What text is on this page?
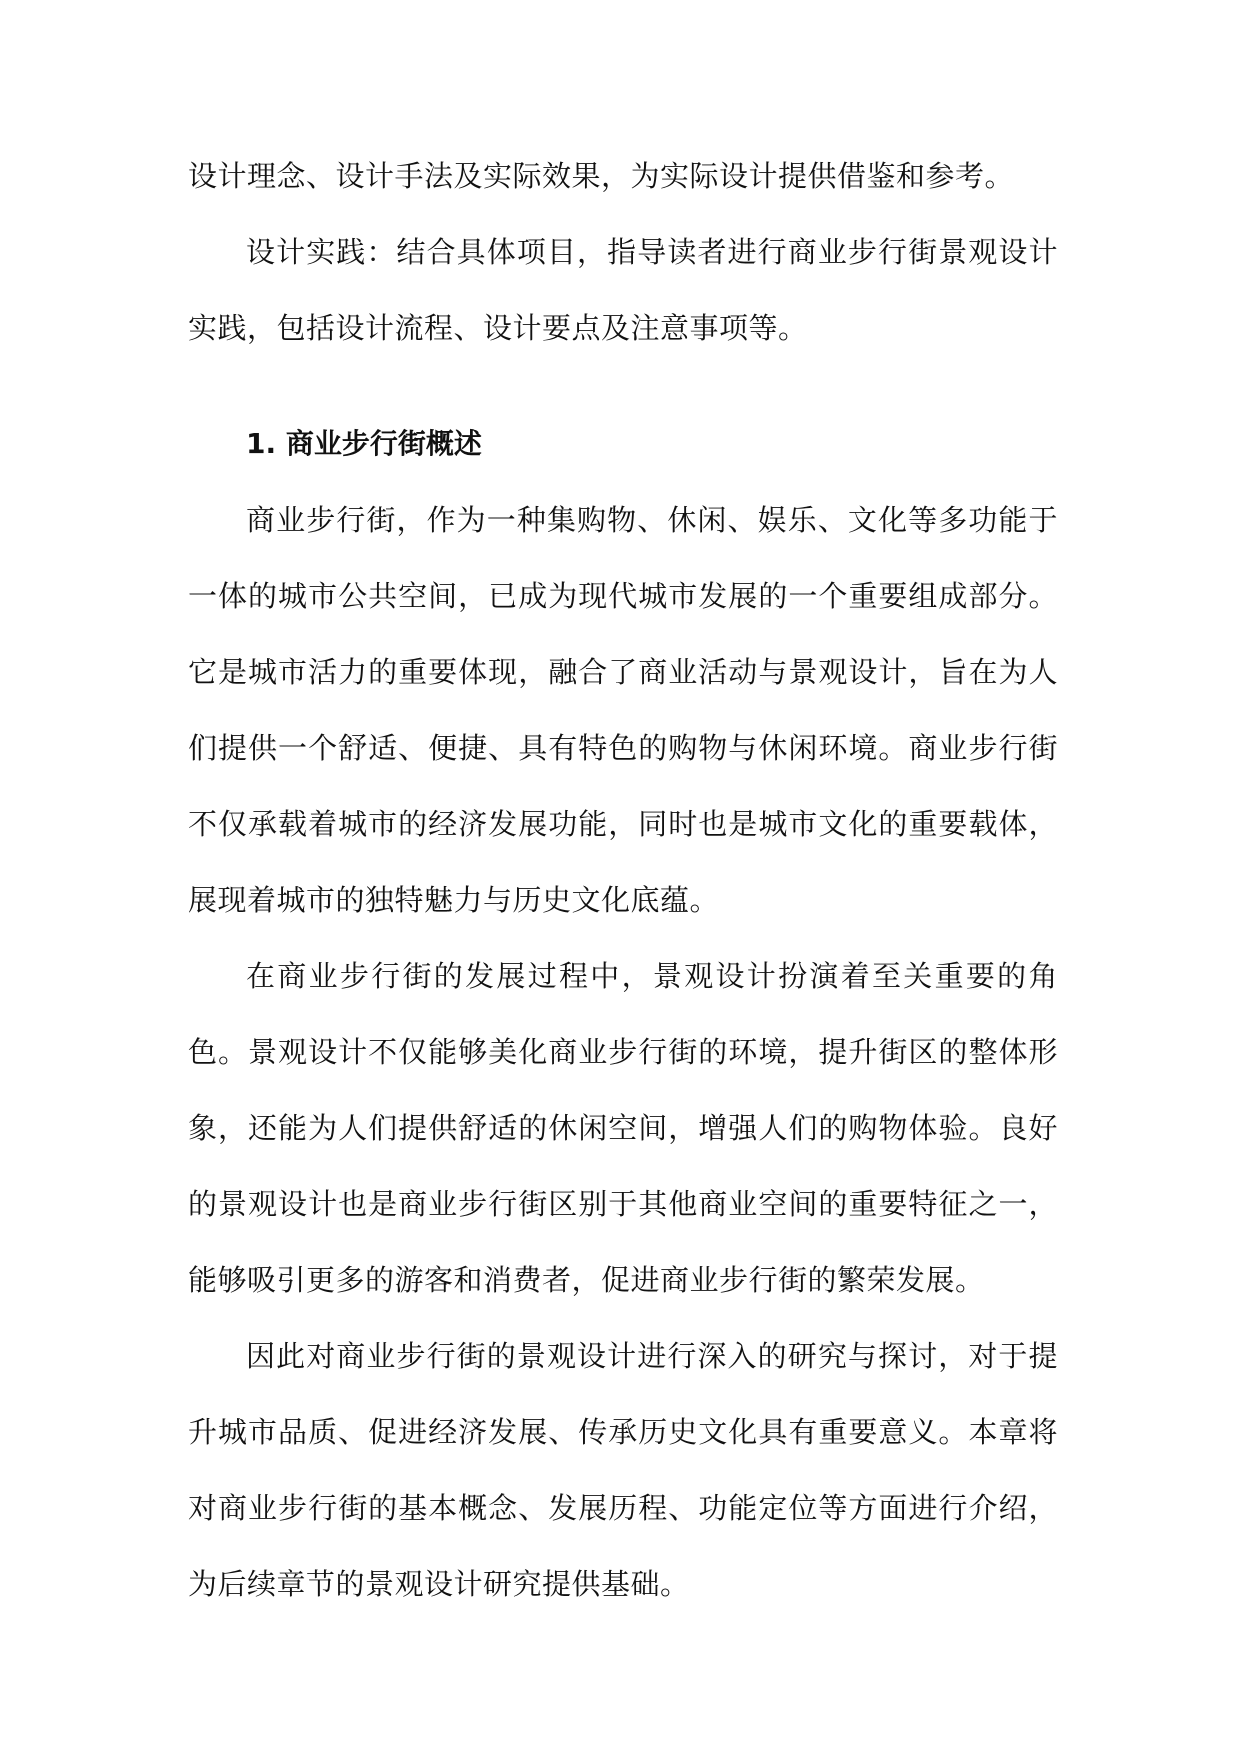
设计理念、设计手法及实际效果，为实际设计提供借鉴和参考。

设计实践：结合具体项目，指导读者进行商业步行街景观设计实践，包括设计流程、设计要点及注意事项等。

1. 商业步行街概述

商业步行街，作为一种集购物、休闲、娱乐、文化等多功能于一体的城市公共空间，已成为现代城市发展的一个重要组成部分。它是城市活力的重要体现，融合了商业活动与景观设计，旨在为人们提供一个舒适、便捷、具有特色的购物与休闲环境。商业步行街不仅承载着城市的经济发展功能，同时也是城市文化的重要载体，展现着城市的独特魅力与历史文化底蕴。

在商业步行街的发展过程中，景观设计扮演着至关重要的角色。景观设计不仅能够美化商业步行街的环境，提升街区的整体形象，还能为人们提供舒适的休闲空间，增强人们的购物体验。良好的景观设计也是商业步行街区别于其他商业空间的重要特征之一，能够吸引更多的游客和消费者，促进商业步行街的繁荣发展。

因此对商业步行街的景观设计进行深入的研究与探讨，对于提升城市品质、促进经济发展、传承历史文化具有重要意义。本章将对商业步行街的基本概念、发展历程、功能定位等方面进行介绍，为后续章节的景观设计研究提供基础。
